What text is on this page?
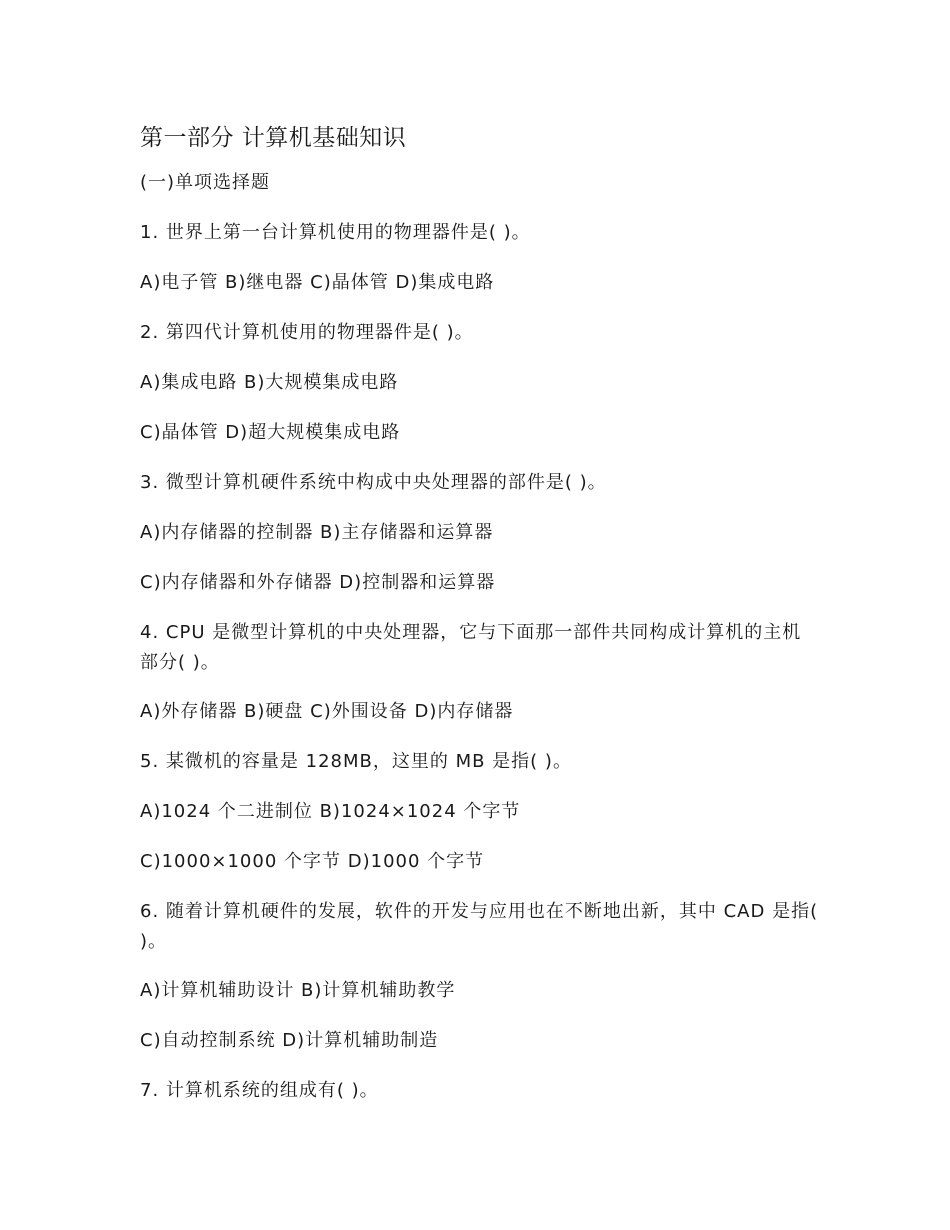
第一部分 计算机基础知识
(一)单项选择题
1. 世界上第一台计算机使用的物理器件是( )。
A)电子管 B)继电器 C)晶体管 D)集成电路
2. 第四代计算机使用的物理器件是( )。
A)集成电路 B)大规模集成电路
C)晶体管 D)超大规模集成电路
3. 微型计算机硬件系统中构成中央处理器的部件是( )。
A)内存储器的控制器 B)主存储器和运算器
C)内存储器和外存储器 D)控制器和运算器
4. CPU 是微型计算机的中央处理器，它与下面那一部件共同构成计算机的主机部分( )。
A)外存储器 B)硬盘 C)外围设备 D)内存储器
5. 某微机的容量是 128MB，这里的 MB 是指( )。
A)1024 个二进制位 B)1024×1024 个字节
C)1000×1000 个字节 D)1000 个字节
6. 随着计算机硬件的发展，软件的开发与应用也在不断地出新，其中 CAD 是指( )。
A)计算机辅助设计 B)计算机辅助教学
C)自动控制系统 D)计算机辅助制造
7. 计算机系统的组成有( )。
